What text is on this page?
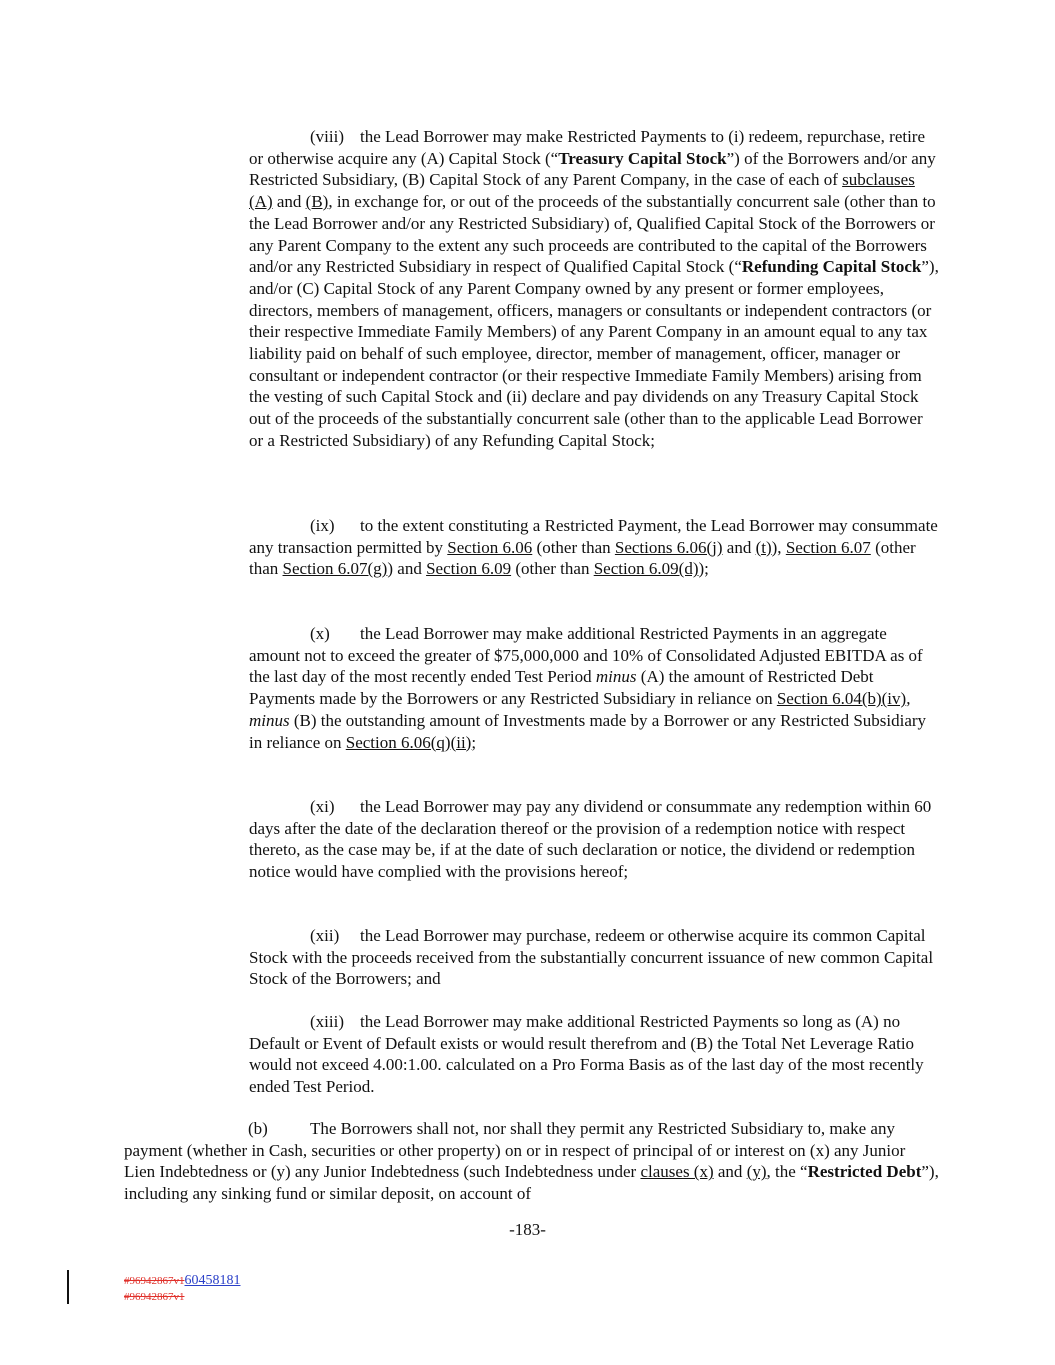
(viii) the Lead Borrower may make Restricted Payments to (i) redeem, repurchase, retire or otherwise acquire any (A) Capital Stock (“Treasury Capital Stock”) of the Borrowers and/or any Restricted Subsidiary, (B) Capital Stock of any Parent Company, in the case of each of subclauses (A) and (B), in exchange for, or out of the proceeds of the substantially concurrent sale (other than to the Lead Borrower and/or any Restricted Subsidiary) of, Qualified Capital Stock of the Borrowers or any Parent Company to the extent any such proceeds are contributed to the capital of the Borrowers and/or any Restricted Subsidiary in respect of Qualified Capital Stock (“Refunding Capital Stock”), and/or (C) Capital Stock of any Parent Company owned by any present or former employees, directors, members of management, officers, managers or consultants or independent contractors (or their respective Immediate Family Members) of any Parent Company in an amount equal to any tax liability paid on behalf of such employee, director, member of management, officer, manager or consultant or independent contractor (or their respective Immediate Family Members) arising from the vesting of such Capital Stock and (ii) declare and pay dividends on any Treasury Capital Stock out of the proceeds of the substantially concurrent sale (other than to the applicable Lead Borrower or a Restricted Subsidiary) of any Refunding Capital Stock;

(ix) to the extent constituting a Restricted Payment, the Lead Borrower may consummate any transaction permitted by Section 6.06 (other than Sections 6.06(j) and (t)), Section 6.07 (other than Section 6.07(g)) and Section 6.09 (other than Section 6.09(d));

(x) the Lead Borrower may make additional Restricted Payments in an aggregate amount not to exceed the greater of $75,000,000 and 10% of Consolidated Adjusted EBITDA as of the last day of the most recently ended Test Period minus (A) the amount of Restricted Debt Payments made by the Borrowers or any Restricted Subsidiary in reliance on Section 6.04(b)(iv), minus (B) the outstanding amount of Investments made by a Borrower or any Restricted Subsidiary in reliance on Section 6.06(q)(ii);

(xi) the Lead Borrower may pay any dividend or consummate any redemption within 60 days after the date of the declaration thereof or the provision of a redemption notice with respect thereto, as the case may be, if at the date of such declaration or notice, the dividend or redemption notice would have complied with the provisions hereof;

(xii) the Lead Borrower may purchase, redeem or otherwise acquire its common Capital Stock with the proceeds received from the substantially concurrent issuance of new common Capital Stock of the Borrowers; and

(xiii) the Lead Borrower may make additional Restricted Payments so long as (A) no Default or Event of Default exists or would result therefrom and (B) the Total Net Leverage Ratio would not exceed 4.00:1.00. calculated on a Pro Forma Basis as of the last day of the most recently ended Test Period.

(b) The Borrowers shall not, nor shall they permit any Restricted Subsidiary to, make any payment (whether in Cash, securities or other property) on or in respect of principal of or interest on (x) any Junior Lien Indebtedness or (y) any Junior Indebtedness (such Indebtedness under clauses (x) and (y), the “Restricted Debt”), including any sinking fund or similar deposit, on account of

-183-
#96942867v160458181
#96942867v1
